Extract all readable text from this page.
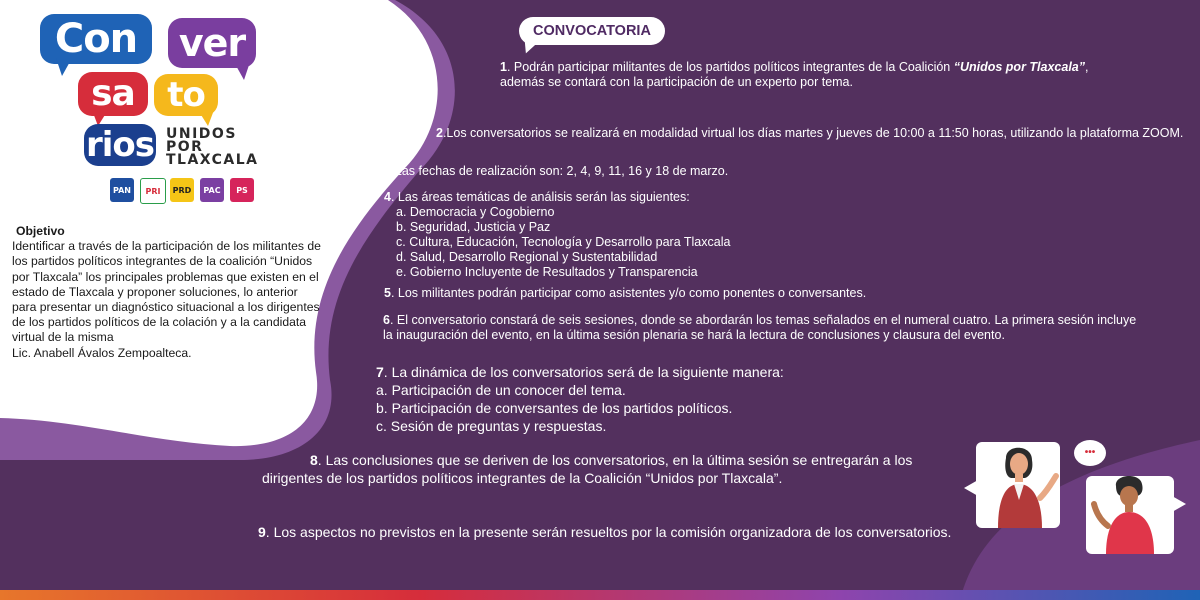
Con	ver
sa to
rios UNIDOS
POR
TLAXCALA
PAN PRI PRD PAC PS
Objetivo
Identificar a través de la participación de los militantes de los partidos políticos integrantes de la coalición “Unidos por Tlaxcala” los principales problemas que existen en el estado de Tlaxcala y proponer soluciones, lo anterior para presentar un diagnóstico situacional a los dirigentes de los partidos políticos de la colación y a la candidata virtual de la misma
Lic. Anabell Ávalos Zempoalteca.
CONVOCATORIA
1. Podrán participar militantes de los partidos políticos integrantes de la Coalición “Unidos por Tlaxcala”,
además se contará con la participación de un experto por tema.
2.Los conversatorios se realizará en modalidad virtual los días martes y jueves de 10:00 a 11:50 horas, utilizando la plataforma ZOOM.
3. Las fechas de realización son: 2, 4, 9, 11, 16 y 18 de marzo.
4. Las áreas temáticas de análisis serán las siguientes:
a. Democracia y Cogobierno
b. Seguridad, Justicia y Paz
c. Cultura, Educación, Tecnología y Desarrollo para Tlaxcala
d. Salud, Desarrollo Regional y Sustentabilidad
e. Gobierno Incluyente de Resultados y Transparencia
5. Los militantes podrán participar como asistentes y/o como ponentes o conversantes.
6. El conversatorio constará de seis sesiones, donde se abordarán los temas señalados en el numeral cuatro. La primera sesión incluye
la inauguración del evento, en la última sesión plenaria se hará la lectura de conclusiones y clausura del evento.
7. La dinámica de los conversatorios será de la siguiente manera:
a. Participación de un conocer del tema.
b. Participación de conversantes de los partidos políticos.
c. Sesión de preguntas y respuestas.
8. Las conclusiones que se deriven de los conversatorios, en la última sesión se entregarán a los
dirigentes de los partidos políticos integrantes de la Coalición “Unidos por Tlaxcala”.
9. Los aspectos no previstos en la presente serán resueltos por la comisión organizadora de los conversatorios.
•••
